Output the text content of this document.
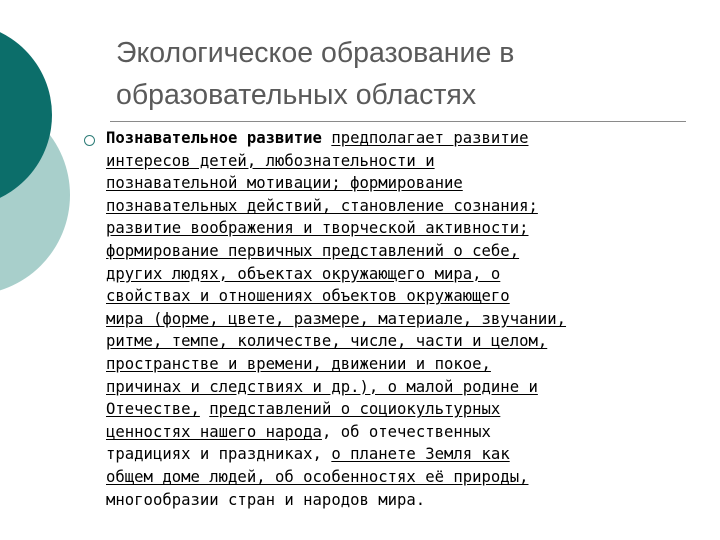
Экологическое образование в
образовательных областях
Познавательное развитие предполагает развитие
интересов детей, любознательности и
познавательной мотивации; формирование
познавательных действий, становление сознания;
развитие воображения и творческой активности;
формирование первичных представлений о себе,
других людях, объектах окружающего мира, о
свойствах и отношениях объектов окружающего
мира (форме, цвете, размере, материале, звучании,
ритме, темпе, количестве, числе, части и целом,
пространстве и времени, движении и покое,
причинах и следствиях и др.), о малой родине и
Отечестве, представлений о социокультурных
ценностях нашего народа, об отечественных
традициях и праздниках, о планете Земля как
общем доме людей, об особенностях её природы,
многообразии стран и народов мира.
